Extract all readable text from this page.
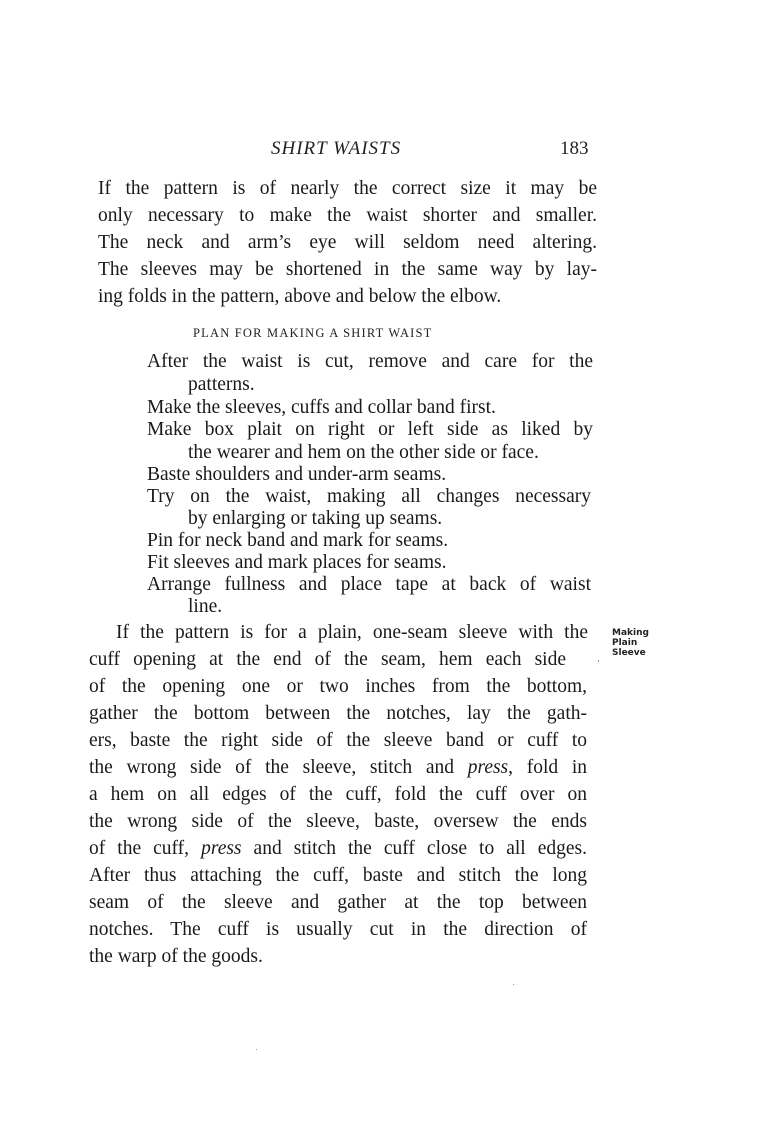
SHIRT WAISTS	183
If the pattern is of nearly the correct size it may be
only necessary to make the waist shorter and smaller.
The neck and arm’s eye will seldom need altering.
The sleeves may be shortened in the same way by lay-
ing folds in the pattern, above and below the elbow.
PLAN FOR MAKING A SHIRT WAIST
After the waist is cut, remove and care for the
patterns.
Make the sleeves, cuffs and collar band first.
Make box plait on right or left side as liked by
the wearer and hem on the other side or face.
Baste shoulders and under-arm seams.
Try on the waist, making all changes necessary
by enlarging or taking up seams.
Pin for neck band and mark for seams.
Fit sleeves and mark places for seams.
Arrange fullness and place tape at back of waist
line.
Making
Plain
Sleeve
If the pattern is for a plain, one-seam sleeve with the
cuff opening at the end of the seam, hem each side
of the opening one or two inches from the bottom,
gather the bottom between the notches, lay the gath-
ers, baste the right side of the sleeve band or cuff to
the wrong side of the sleeve, stitch and press, fold in
a hem on all edges of the cuff, fold the cuff over on
the wrong side of the sleeve, baste, oversew the ends
of the cuff, press and stitch the cuff close to all edges.
After thus attaching the cuff, baste and stitch the long
seam of the sleeve and gather at the top between
notches. The cuff is usually cut in the direction of
the warp of the goods.
